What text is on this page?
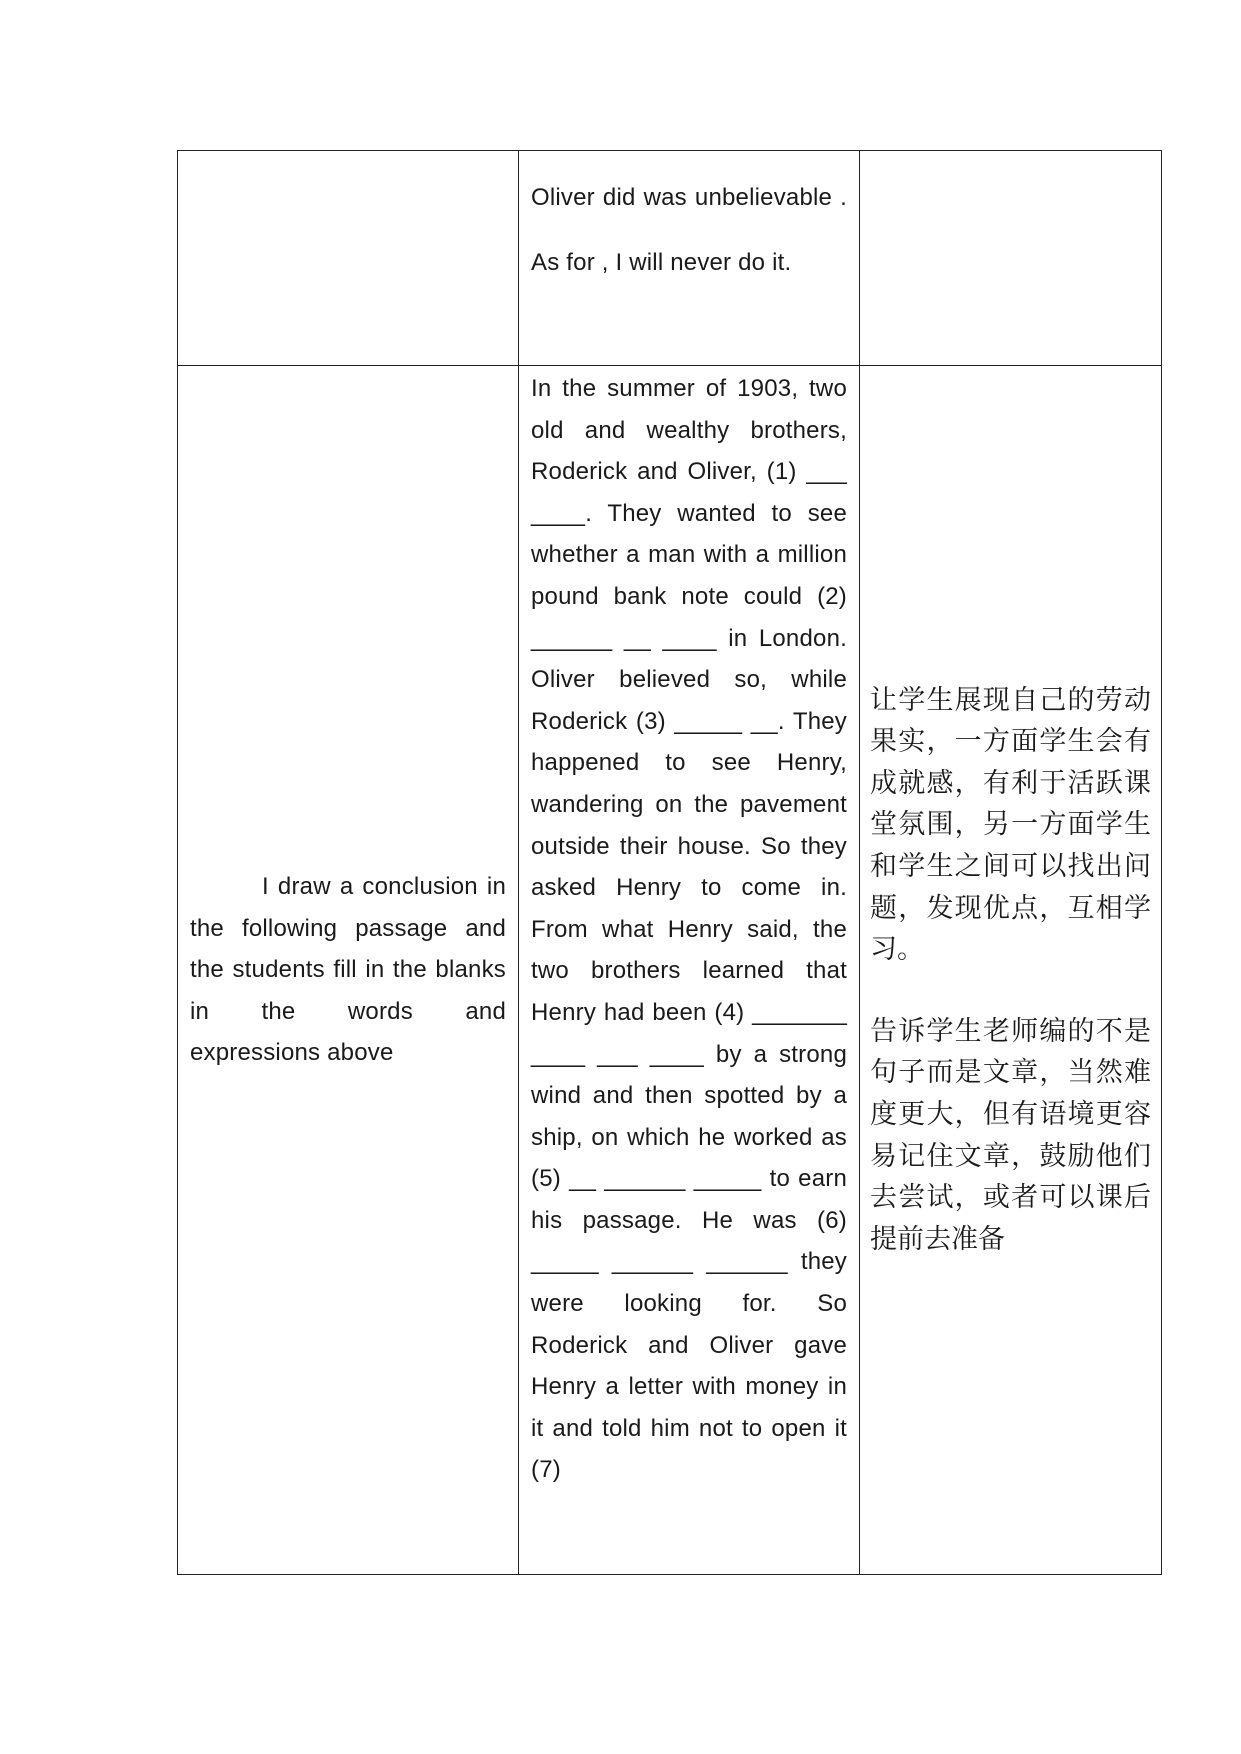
	Oliver did was unbelievable . As for , I will never do it.	

I draw a conclusion in the following passage and the students fill in the blanks in the words and expressions above	In the summer of 1903, two old and wealthy brothers, Roderick and Oliver, (1) ___ ____. They wanted to see whether a man with a million pound bank note could (2) ______ __ ____ in London. Oliver believed so, while Roderick (3) _____ __. They happened to see Henry, wandering on the pavement outside their house. So they asked Henry to come in. From what Henry said, the two brothers learned that Henry had been (4) _______ ____ ___ ____ by a strong wind and then spotted by a ship, on which he worked as (5) __ ______ _____ to earn his passage. He was (6) _____ ______ ______ they were looking for. So Roderick and Oliver gave Henry a letter with money in it and told him not to open it (7)	让学生展现自己的劳动果实，一方面学生会有成就感，有利于活跃课堂氛围，另一方面学生和学生之间可以找出问题，发现优点，互相学习。

告诉学生老师编的不是句子而是文章，当然难度更大，但有语境更容易记住文章，鼓励他们去尝试，或者可以课后提前去准备
